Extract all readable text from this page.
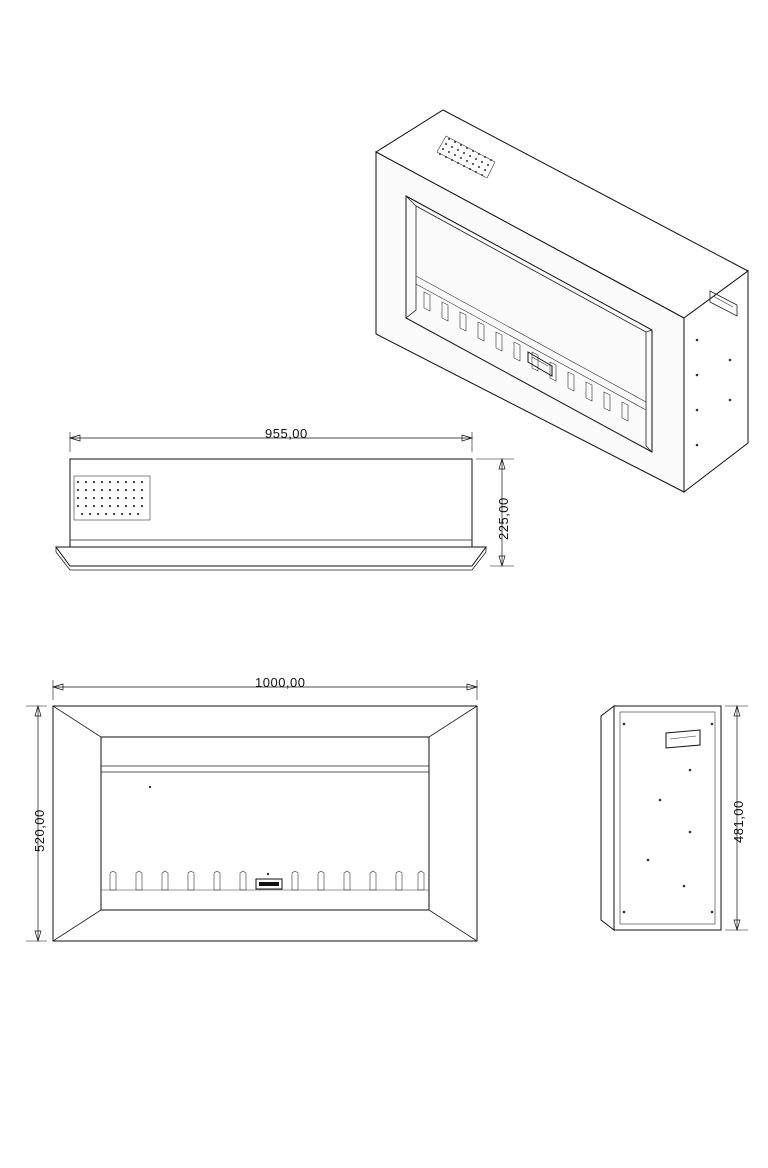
955,00
225,00
1000,00
520,00	481,00
